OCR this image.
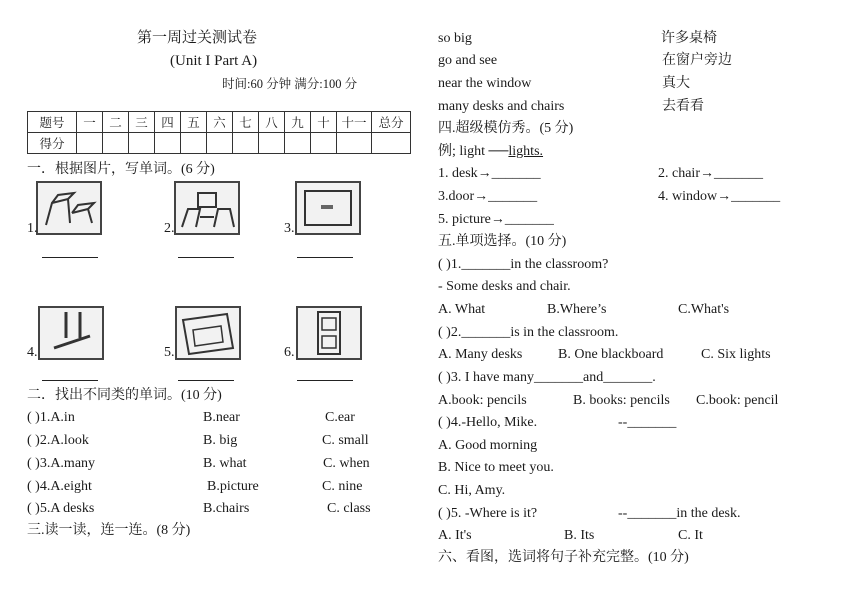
第一周过关测试卷
(Unit I Part A)
时间:60 分钟 满分:100 分
题号	一	二	三	四	五	六	七	八	九	十	十一	总分
得分												
一．根据图片，写单词。(6 分)
1.	2.	3.
4.	5.	6.
二．找出不同类的单词。(10 分)
( )1.A.in	B.near	C.ear
( )2.A.look	B. big	C. small
( )3.A.many	B. what	C. when
( )4.A.eight	B.picture	C. nine
( )5.A desks	B.chairs	C. class
三.读一读，连一连。(8 分)
so big
go and see
near the window
many desks and chairs
许多桌椅
在窗户旁边
真大
去看看
四.超级模仿秀。(5 分)
例; light ──lights.
1. desk→_______	2. chair→_______
3.door→_______	4. window→_______
5. picture→_______
五.单项选择。(10 分)
( )1._______in the classroom?
- Some desks and chair.
A. What	B.Where’s	C.What's
( )2._______is in the classroom.
A. Many desks	B. One blackboard	C. Six lights
( )3. I have many_______and_______.
A.book: pencils	B. books: pencils C.book: pencil
( )4.-Hello, Mike.	--_______
A. Good morning
B. Nice to meet you.
C. Hi, Amy.
( )5. -Where is it?	--_______in the desk.
A. It's	B. Its	C. It
六、看图，选词将句子补充完整。(10 分)
